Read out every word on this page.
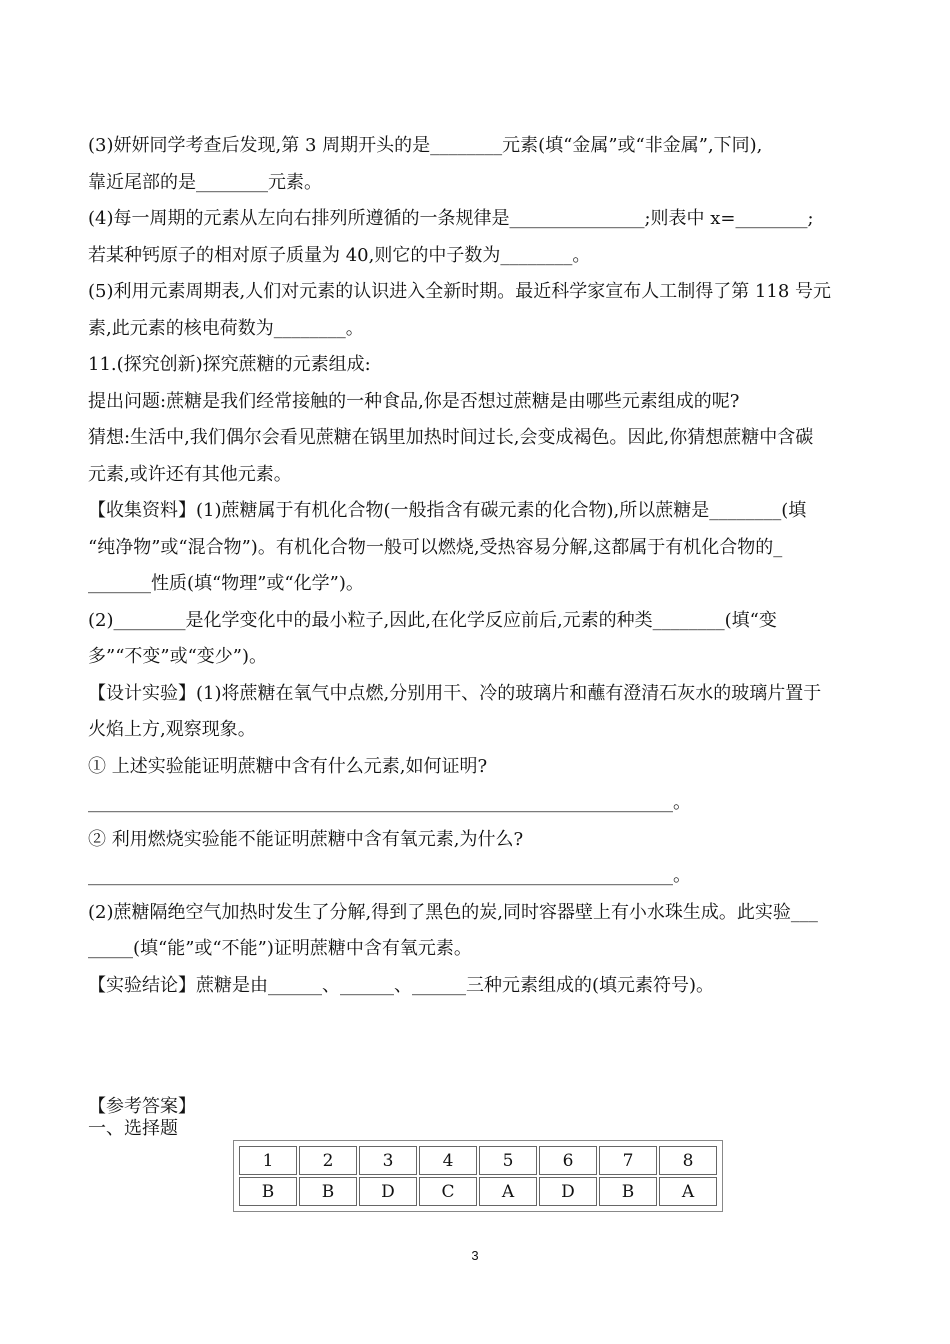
(3)妍妍同学考查后发现,第 3 周期开头的是________元素(填“金属”或“非金属”,下同),

靠近尾部的是________元素。

(4)每一周期的元素从左向右排列所遵循的一条规律是_______________;则表中 x=________;

若某种钙原子的相对原子质量为 40,则它的中子数为________。

(5)利用元素周期表,人们对元素的认识进入全新时期。最近科学家宣布人工制得了第 118 号元

素,此元素的核电荷数为________。

11.(探究创新)探究蔗糖的元素组成:

提出问题:蔗糖是我们经常接触的一种食品,你是否想过蔗糖是由哪些元素组成的呢?

猜想:生活中,我们偶尔会看见蔗糖在锅里加热时间过长,会变成褐色。因此,你猜想蔗糖中含碳

元素,或许还有其他元素。

【收集资料】(1)蔗糖属于有机化合物(一般指含有碳元素的化合物),所以蔗糖是________(填

“纯净物”或“混合物”)。有机化合物一般可以燃烧,受热容易分解,这都属于有机化合物的_

_______性质(填“物理”或“化学”)。

(2)________是化学变化中的最小粒子,因此,在化学反应前后,元素的种类________(填“变

多”“不变”或“变少”)。

【设计实验】(1)将蔗糖在氧气中点燃,分别用干、冷的玻璃片和蘸有澄清石灰水的玻璃片置于

火焰上方,观察现象。

① 上述实验能证明蔗糖中含有什么元素,如何证明?

_________________________________________________________________。

② 利用燃烧实验能不能证明蔗糖中含有氧元素,为什么?

_________________________________________________________________。

(2)蔗糖隔绝空气加热时发生了分解,得到了黑色的炭,同时容器壁上有小水珠生成。此实验___

_____(填“能”或“不能”)证明蔗糖中含有氧元素。

【实验结论】蔗糖是由______、______、______三种元素组成的(填元素符号)。

【参考答案】

一、选择题

1	2	3	4	5	6	7	8
B	B	D	C	A	D	B	A
3
